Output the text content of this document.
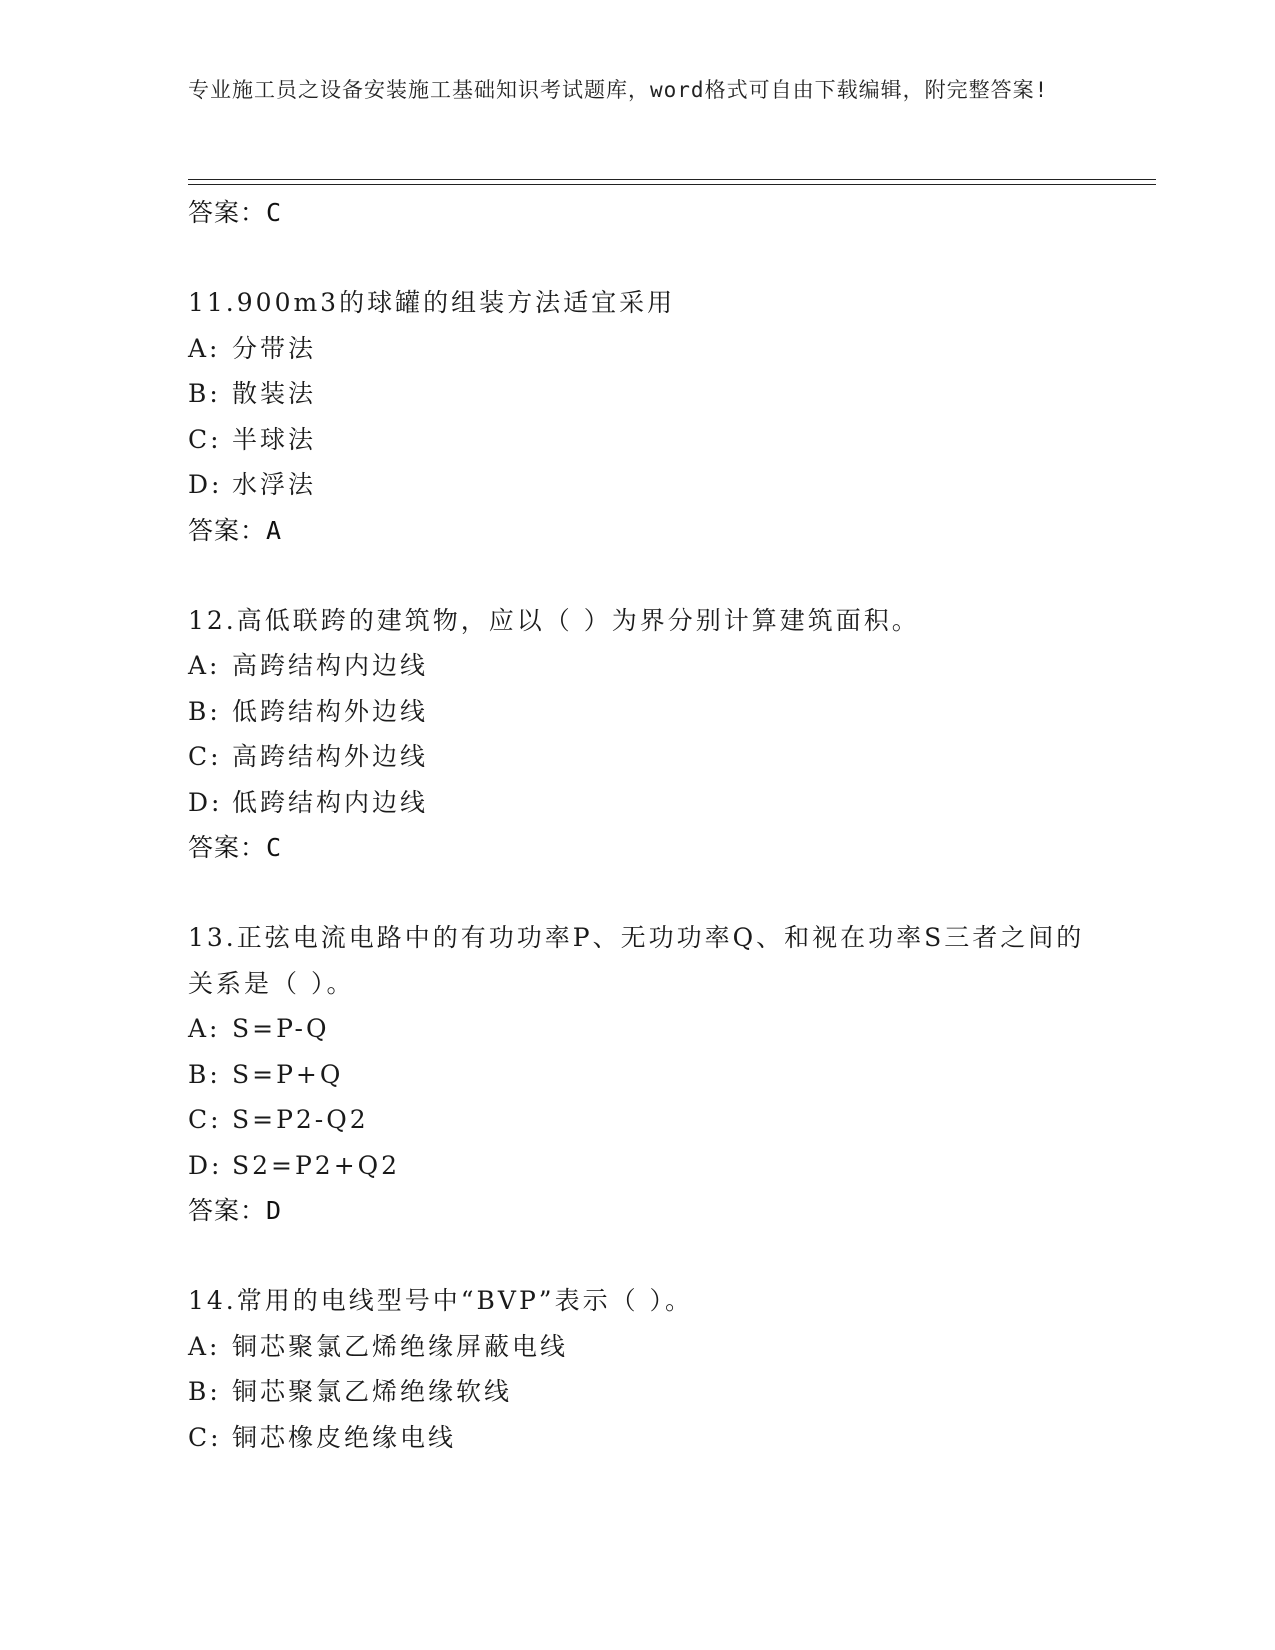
专业施工员之设备安装施工基础知识考试题库，word格式可自由下载编辑，附完整答案!
答案：C
11.900m3的球罐的组装方法适宜采用
A: 分带法
B: 散装法
C: 半球法
D: 水浮法
答案：A
12.高低联跨的建筑物，应以（ ）为界分别计算建筑面积。
A: 高跨结构内边线
B: 低跨结构外边线
C: 高跨结构外边线
D: 低跨结构内边线
答案：C
13.正弦电流电路中的有功功率P、无功功率Q、和视在功率S三者之间的关系是（ ）。
A: S=P-Q
B: S=P+Q
C: S=P2-Q2
D: S2=P2+Q2
答案：D
14.常用的电线型号中“BVP”表示（ ）。
A: 铜芯聚氯乙烯绝缘屏蔽电线
B: 铜芯聚氯乙烯绝缘软线
C: 铜芯橡皮绝缘电线
